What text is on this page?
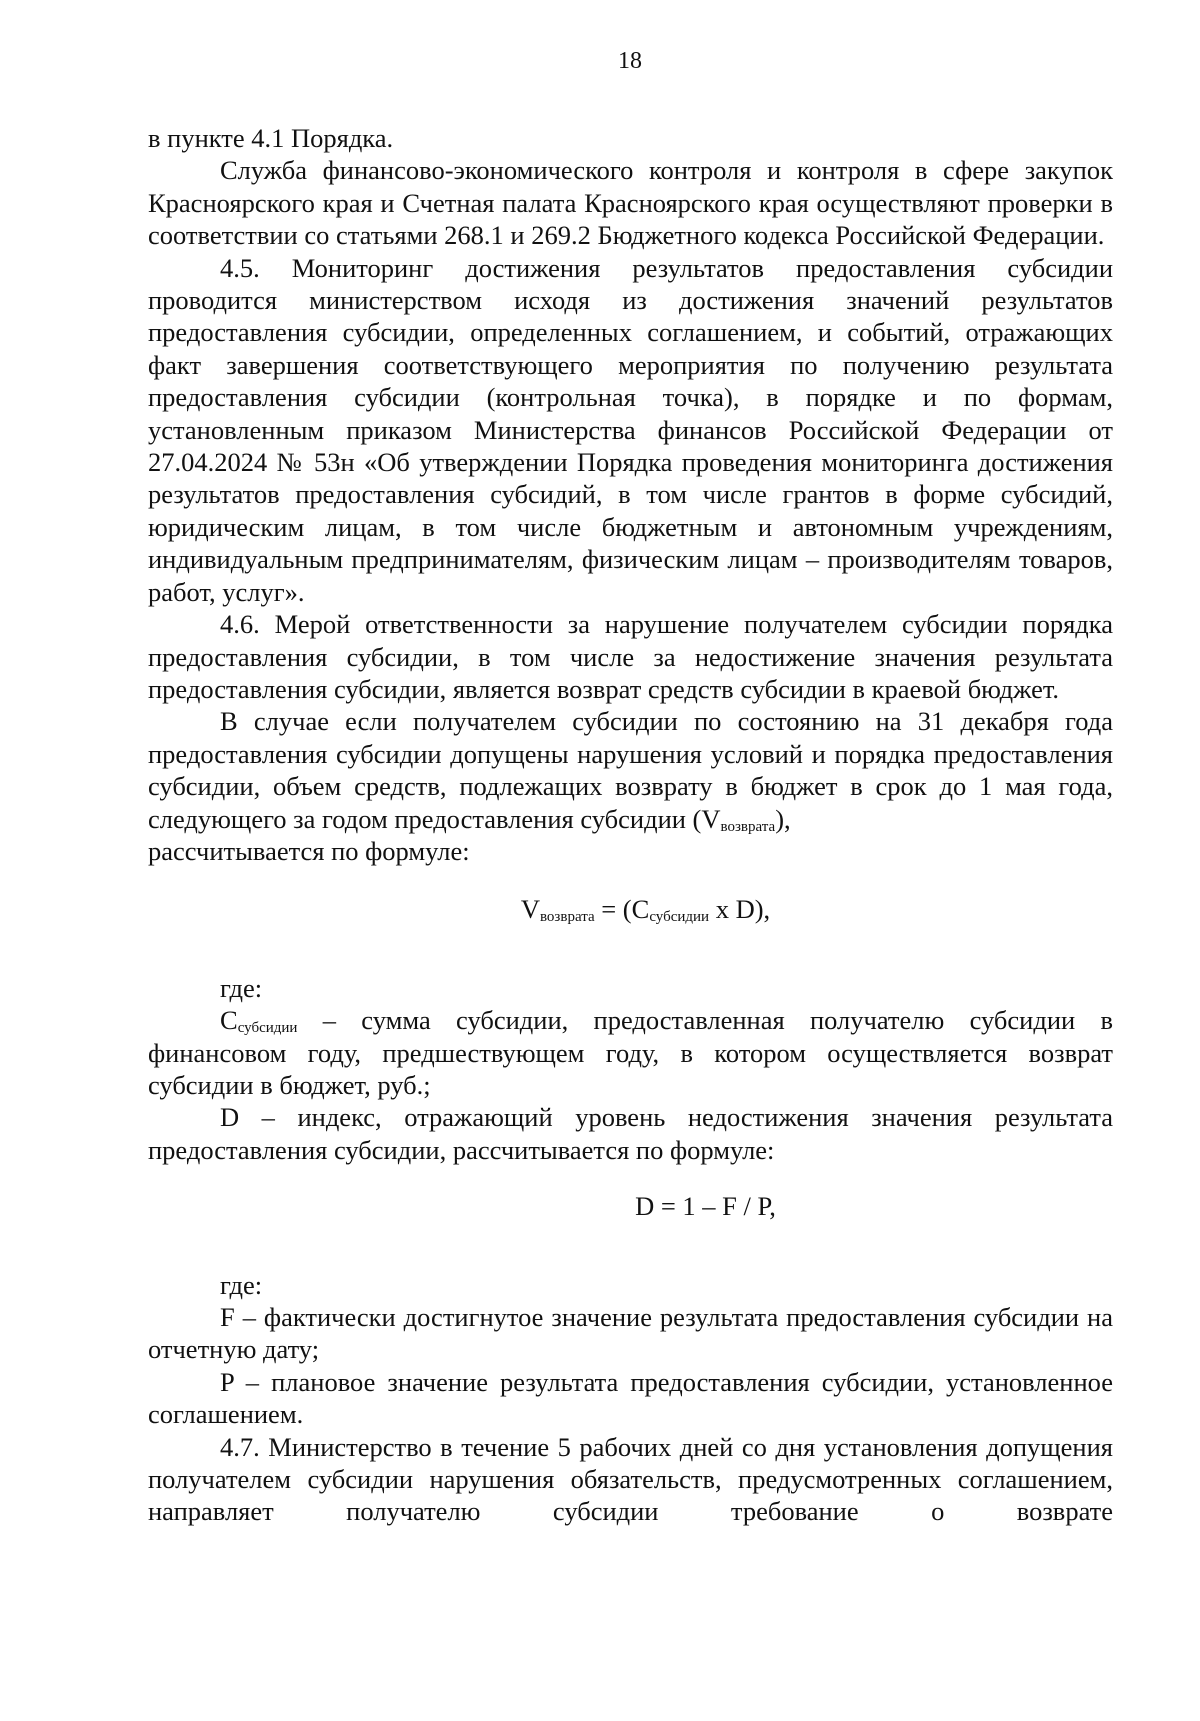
18

в пункте 4.1 Порядка.

Служба финансово-экономического контроля и контроля в сфере закупок Красноярского края и Счетная палата Красноярского края осуществляют проверки в соответствии со статьями 268.1 и 269.2 Бюджетного кодекса Российской Федерации.

4.5. Мониторинг достижения результатов предоставления субсидии проводится министерством исходя из достижения значений результатов предоставления субсидии, определенных соглашением, и событий, отражающих факт завершения соответствующего мероприятия по получению результата предоставления субсидии (контрольная точка), в порядке и по формам, установленным приказом Министерства финансов Российской Федерации от 27.04.2024 № 53н «Об утверждении Порядка проведения мониторинга достижения результатов предоставления субсидий, в том числе грантов в форме субсидий, юридическим лицам, в том числе бюджетным и автономным учреждениям, индивидуальным предпринимателям, физическим лицам – производителям товаров, работ, услуг».

4.6. Мерой ответственности за нарушение получателем субсидии порядка предоставления субсидии, в том числе за недостижение значения результата предоставления субсидии, является возврат средств субсидии в краевой бюджет.

В случае если получателем субсидии по состоянию на 31 декабря года предоставления субсидии допущены нарушения условий и порядка предоставления субсидии, объем средств, подлежащих возврату в бюджет в срок до 1 мая года, следующего за годом предоставления субсидии $(V_{возврата})$,
рассчитывается по формуле:

$V_{возврата} = (С_{субсидии}$ x D),

где:

$С_{субсидии}$ – сумма субсидии, предоставленная получателю субсидии в финансовом году, предшествующем году, в котором осуществляется возврат субсидии в бюджет, руб.;

D – индекс, отражающий уровень недостижения значения результата предоставления субсидии, рассчитывается по формуле:

D = 1 – F / P,

где:

F – фактически достигнутое значение результата предоставления субсидии на отчетную дату;

P – плановое значение результата предоставления субсидии, установленное соглашением.

4.7. Министерство в течение 5 рабочих дней со дня установления допущения получателем субсидии нарушения обязательств, предусмотренных соглашением, направляет получателю субсидии требование о возврате
